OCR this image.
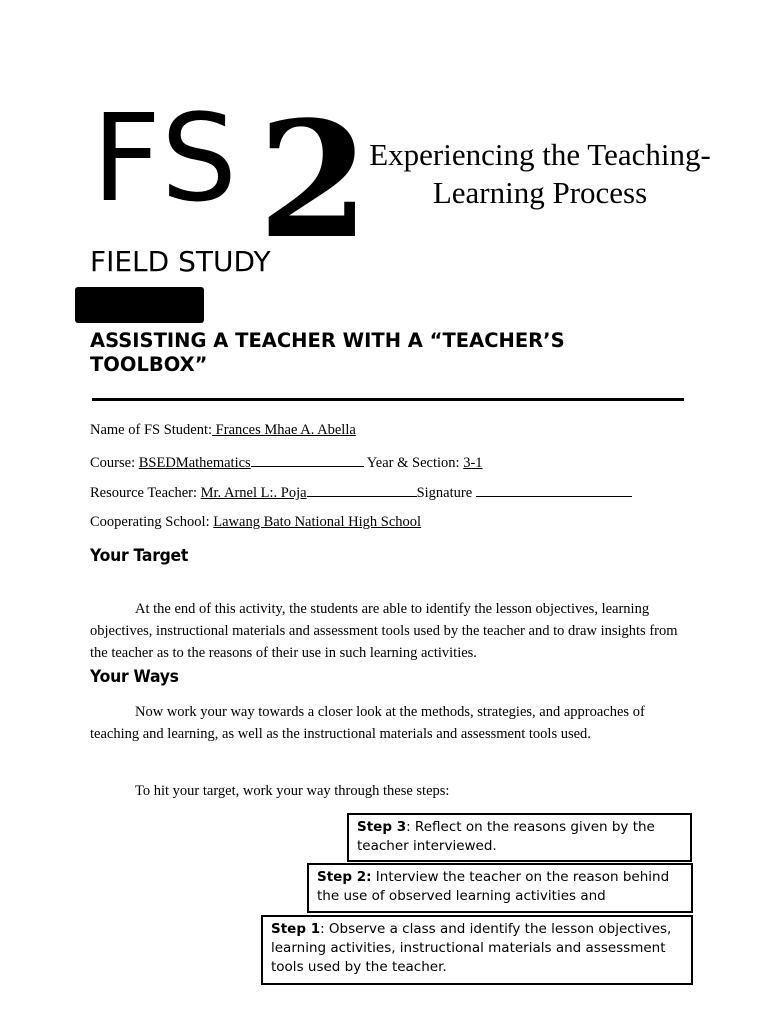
FS 2 Experiencing the Teaching-Learning Process
FIELD STUDY
ASSISTING A TEACHER WITH A “TEACHER’S TOOLBOX”
Name of FS Student: Frances Mhae A. Abella
Course: BSEDMathematics	Year & Section: 3-1
Resource Teacher: Mr. Arnel L:. Poja	Signature
Cooperating School: Lawang Bato National High School
Your Target
At the end of this activity, the students are able to identify the lesson objectives, learning objectives, instructional materials and assessment tools used by the teacher and to draw insights from the teacher as to the reasons of their use in such learning activities.
Your Ways
Now work your way towards a closer look at the methods, strategies, and approaches of teaching and learning, as well as the instructional materials and assessment tools used.
To hit your target, work your way through these steps:
Step 3: Reflect on the reasons given by the teacher interviewed.
Step 2: Interview the teacher on the reason behind the use of observed learning activities and
Step 1: Observe a class and identify the lesson objectives, learning activities, instructional materials and assessment tools used by the teacher.
